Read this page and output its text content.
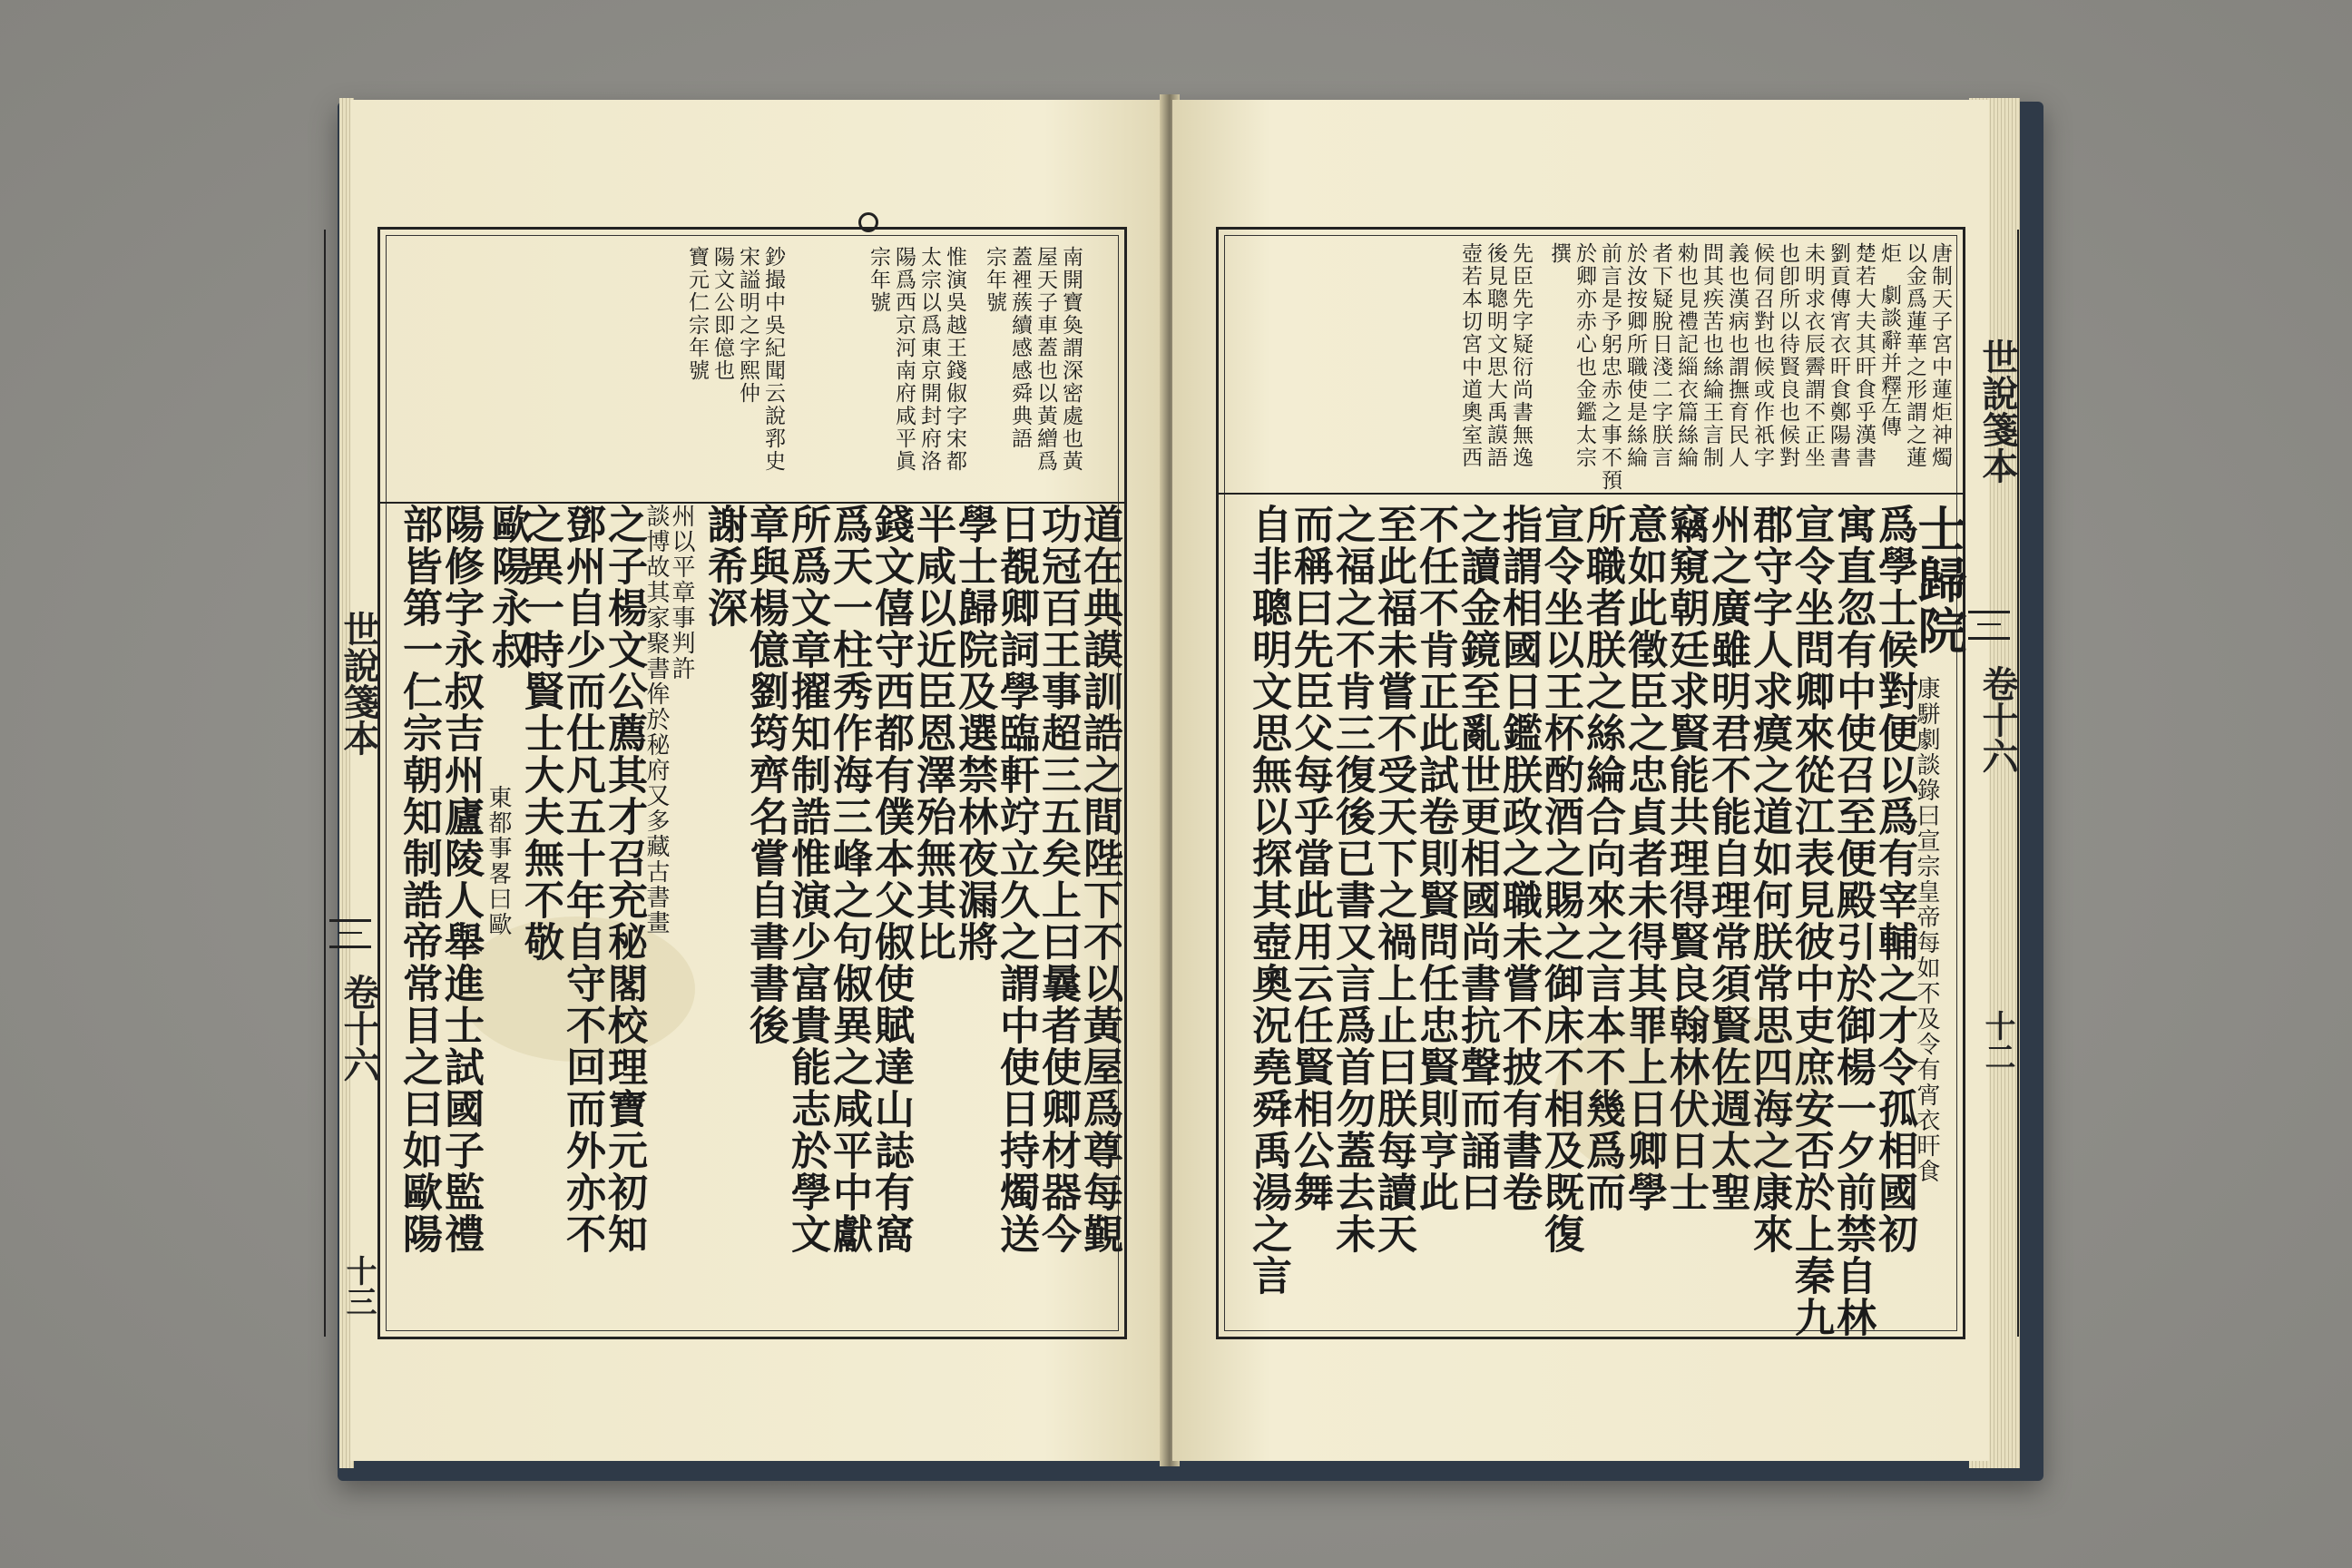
南開寶奐謂深密處也黃
屋天子車蓋也以黃繒爲
蓋裡蔟續感感舜典語
宗年號
惟演吳越王錢俶字宋都
太宗以爲東京開封府洛
陽爲西京河南府咸平眞
宗年號
鈔撮中吳紀聞云說郛史
宋謚明之字熙仲
陽文公即億也
寶元仁宗年號
道在典謨訓誥之間陛下不以黃屋爲尊每覲
功冠百王事超三五矣上曰曩者使卿材器今
日覩卿詞學臨軒竚立久之謂中使日持燭送
學士歸院及選禁林夜漏將
半咸以近臣恩澤殆無其比
錢文僖守西都有僕本父俶使賦達山誌有窩
爲天一柱秀作海三峰之句俶異之咸平中獻
所爲文章擢知制誥惟演少富貴能志於學文
章與楊億劉筠齊名嘗自書書後
謝希深
州以平章事判許
談博故其家聚書侔於秘府又多藏古書畫
之子楊文公薦其才召充秘閣校理寶元初知
鄧州自少而仕凡五十年自守不回而外亦不
之異一時賢士大夫無不敬
歐陽永叔
東都事畧曰歐
陽修字永叔吉州廬陵人舉進士試國子監禮
部皆第一仁宗朝知制誥帝常目之曰如歐陽
世說箋本
卷十六
十三
唐制天子宮中蓮炬神燭
以金爲蓮華之形謂之蓮
炬
劇談辭并釋
左傳
楚若大夫其旰食乎漢書
劉貢傳宵衣旰食鄭陽書
未明求衣辰霽謂不正坐
也卽所以待賢良也候對
候伺召對也候或作祇字
義也漢病也謂撫育民人
問其疾苦也絲綸王言制
勑也見禮記緇衣篇絲綸
者下疑脫日淺二字朕言
於汝按卿所職使是絲綸
前言是予躬忠赤之事不預
於卿亦赤心也金鑑太宗
撰
先臣先字疑衍尚書無逸
後見聰明文思大禹謨語
壺若本切宮中道奧室西
士歸院
康駢劇談錄曰宣宗皇帝每如不及令有宵衣旰食
爲學士候對便以爲有宰輔之才令孤相國初
寓直忽有中使召至便殿引於御楊一夕前禁自林
宣令坐問卿來從江表見彼中吏庶安否於上秦九
郡守字人求瘼之道如何朕常思四海之康來
州之廣雖明君不能自理常須賢佐週太聖
竊窺朝廷求賢能共理得賢良翰林伏日士
意如此徵臣之忠貞者未得其罪上日卿學
所職者朕之絲綸合向來之言本不幾爲而
宣令坐以王杯酌酒之賜之御床不相及既復
指謂相國日鑑朕政之職未嘗不披有書卷
之讀金鏡至亂世更相國尚書抗聲而誦曰
不任不肯正此試卷則賢問任忠賢則亨此
至此福未嘗不受天下之禍上止曰朕每讀天
之福之不肯三復後已書又言爲首勿蓋去未
而稱曰先臣父每乎當此用云任賢相公舞
自非聰明文思無以探其壺奧況堯舜禹湯之言
世說箋本
卷十六
十二
